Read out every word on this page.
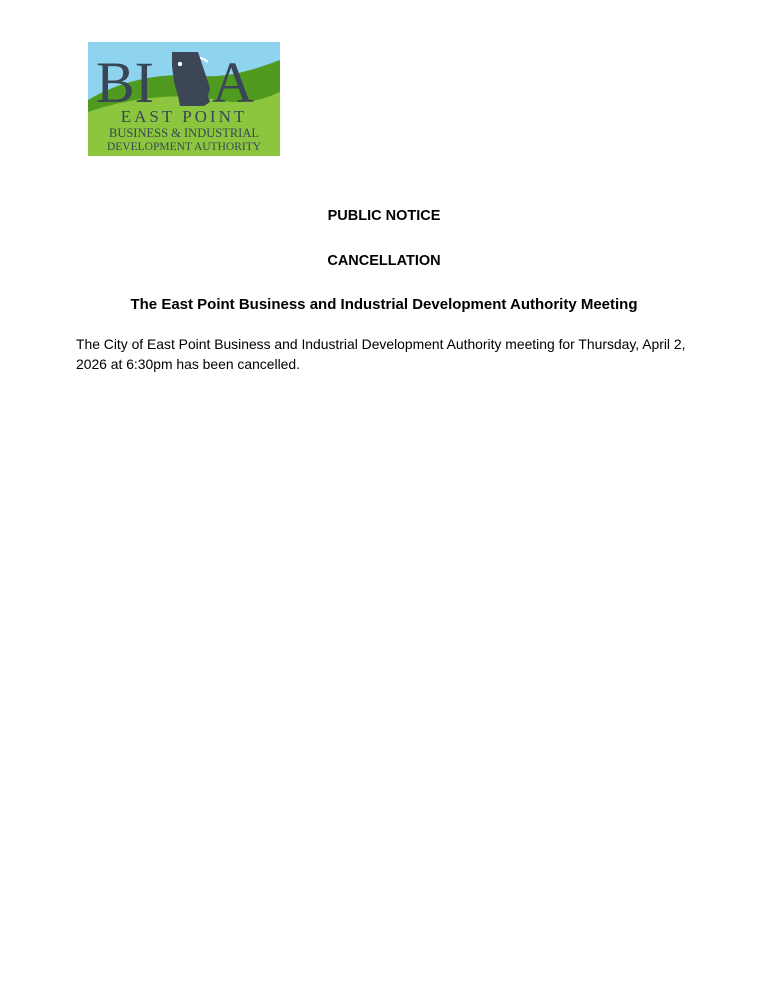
BI A
EAST POINT
BUSINESS & INDUSTRIAL
DEVELOPMENT AUTHORITY

PUBLIC NOTICE

CANCELLATION

The East Point Business and Industrial Development Authority Meeting

The City of East Point Business and Industrial Development Authority meeting for Thursday, April 2, 2026 at 6:30pm has been cancelled.
